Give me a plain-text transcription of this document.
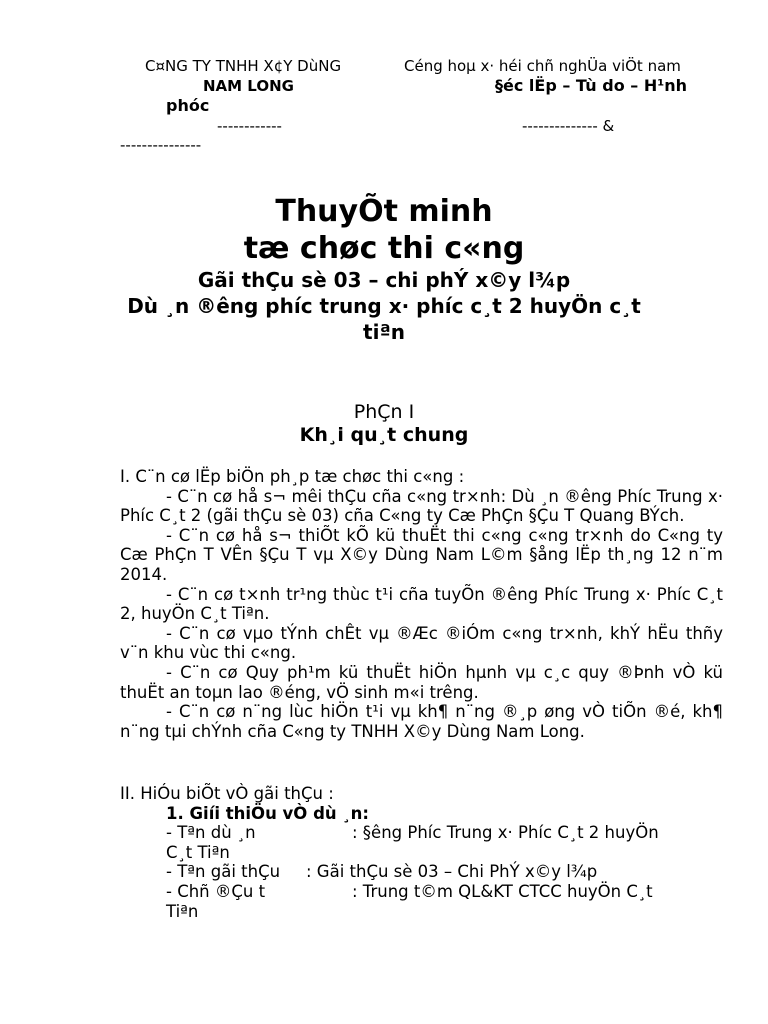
C¤NG TY TNHH X¢Y DùNG
NAM LONG
Céng hoµ x· héi chñ nghÜa viÖt nam
§éc lËp – Tù do – H¹nh
phóc
------------	-------------- &
---------------
ThuyÕt minh
tæ chøc thi c«ng
Gãi thÇu sè 03 – chi phÝ x©y l¾p
Dù ¸n ®êng phíc trung x· phíc c¸t 2 huyÖn c¸t
tiªn
PhÇn I
Kh¸i qu¸t chung

I. C¨n cø lËp biÖn ph¸p tæ chøc thi c«ng :

- C¨n cø hå s¬ mêi thÇu cña c«ng tr×nh: Dù ¸n ®êng Phíc Trung x· Phíc C¸t 2 (gãi thÇu sè 03) cña C«ng ty Cæ PhÇn §Çu T Quang BÝch.

- C¨n cø hå s¬ thiÕt kÕ kü thuËt thi c«ng c«ng tr×nh do C«ng ty Cæ PhÇn T VÊn §Çu T vµ X©y Dùng Nam L©m §ång lËp th¸ng 12 n¨m 2014.

- C¨n cø t×nh tr¹ng thùc t¹i cña tuyÕn ®êng Phíc Trung x· Phíc C¸t 2, huyÖn C¸t Tiªn.

- C¨n cø vµo tÝnh chÊt vµ ®Æc ®iÓm c«ng tr×nh, khÝ hËu thñy v¨n khu vùc thi c«ng.

- C¨n cø Quy ph¹m kü thuËt hiÖn hµnh vµ c¸c quy ®Þnh vÒ kü thuËt an toµn lao ®éng, vÖ sinh m«i trêng.

- C¨n cø n¨ng lùc hiÖn t¹i vµ kh¶ n¨ng ®¸p øng vÒ tiÕn ®é, kh¶ n¨ng tµi chÝnh cña C«ng ty TNHH X©y Dùng Nam Long.

II. HiÓu biÕt vÒ gãi thÇu :

1. Giíi thiÖu vÒ dù ¸n:

- Tªn dù ¸n	: §êng Phíc Trung x· Phíc C¸t 2 huyÖn
C¸t Tiªn
- Tªn gãi thÇu	: Gãi thÇu sè 03 – Chi PhÝ x©y l¾p
- Chñ ®Çu t	: Trung t©m QL&KT CTCC huyÖn C¸t
Tiªn
